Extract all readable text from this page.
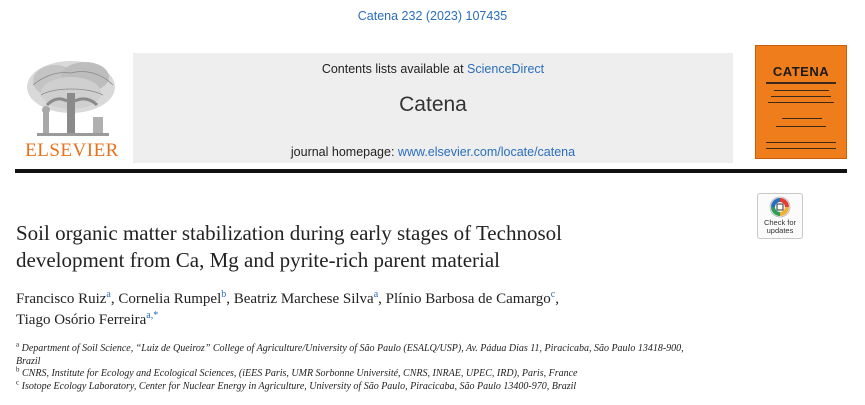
Catena 232 (2023) 107435
ELSEVIER
Contents lists available at ScienceDirect
Catena
journal homepage: www.elsevier.com/locate/catena
CATENA
Check for
updates
Soil organic matter stabilization during early stages of Technosol
development from Ca, Mg and pyrite-rich parent material
Francisco Ruiz$^a$, Cornelia Rumpel$^b$, Beatriz Marchese Silva$^a$, Plínio Barbosa de Camargo$^c$,
Tiago Osório Ferreira$^{a,*}$
$^a$ Department of Soil Science, “Luiz de Queiroz” College of Agriculture/University of São Paulo (ESALQ/USP), Av. Pádua Dias 11, Piracicaba, São Paulo 13418-900,
Brazil
$^b$ CNRS, Institute for Ecology and Ecological Sciences, (iEES Paris, UMR Sorbonne Université, CNRS, INRAE, UPEC, IRD), Paris, France
$^c$ Isotope Ecology Laboratory, Center for Nuclear Energy in Agriculture, University of São Paulo, Piracicaba, São Paulo 13400-970, Brazil
